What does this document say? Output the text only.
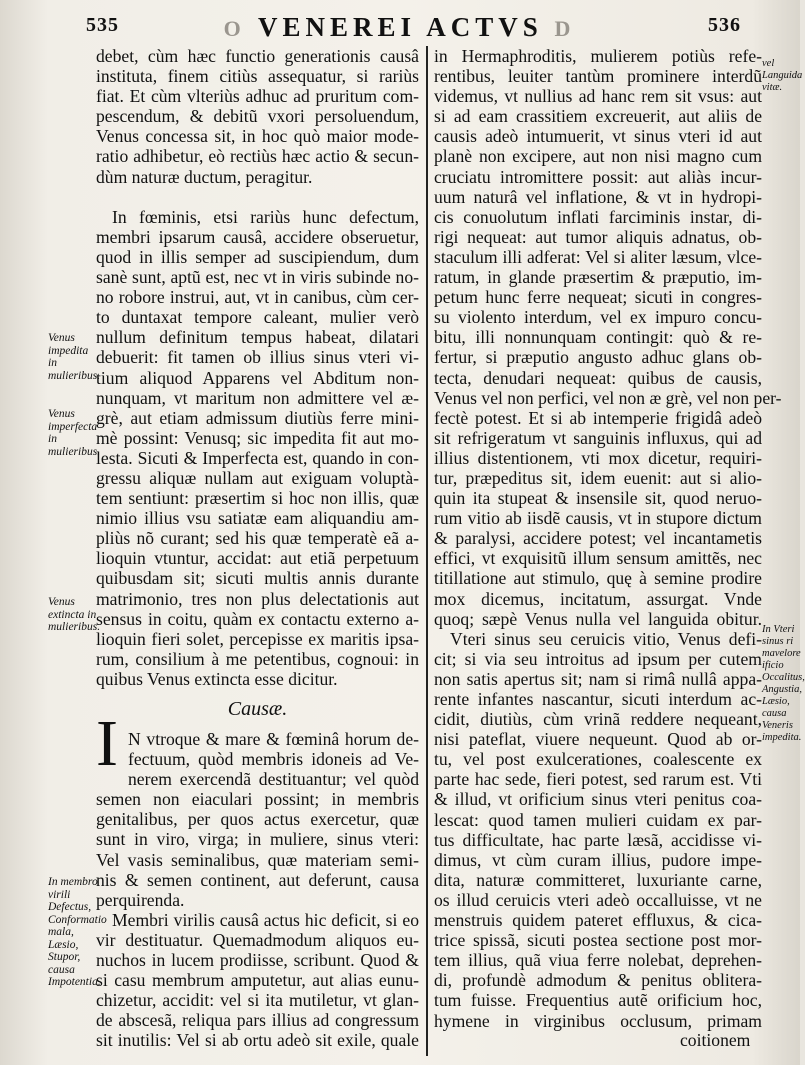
535	O VENEREI ACTVS D	536
debet, cùm hæc functio generationis causâ
instituta, finem citiùs assequatur, si rariùs
fiat. Et cùm vlteriùs adhuc ad pruritum com-
pescendum, & debitũ vxori persoluendum,
Venus concessa sit, in hoc quò maior mode-
ratio adhibetur, eò rectiùs hæc actio & secun-
dùm naturæ ductum, peragitur.
In fœminis, etsi rariùs hunc defectum,
membri ipsarum causâ, accidere obseruetur,
quod in illis semper ad suscipiendum, dum
sanè sunt, aptũ est, nec vt in viris subinde no-
no robore instrui, aut, vt in canibus, cùm cer-
to duntaxat tempore caleant, mulier verò
nullum definitum tempus habeat, dilatari
debuerit: fit tamen ob illius sinus vteri vi-
tium aliquod Apparens vel Abditum non-
nunquam, vt maritum non admittere vel æ-
grè, aut etiam admissum diutiùs ferre mini-
mè possint: Venusq; sic impedita fit aut mo-
lesta. Sicuti & Imperfecta est, quando in con-
gressu aliquæ nullam aut exiguam voluptà-
tem sentiunt: præsertim si hoc non illis, quæ
nimio illius vsu satiatæ eam aliquandiu am-
pliùs nõ curant; sed his quæ temperatè eã a-
lioquin vtuntur, accidat: aut etiã perpetuum
quibusdam sit; sicuti multis annis durante
matrimonio, tres non plus delectationis aut
sensus in coitu, quàm ex contactu externo a-
lioquin fieri solet, percepisse ex maritis ipsa-
rum, consilium à me petentibus, cognoui: in
quibus Venus extincta esse dicitur.
Causæ.
N vtroque & mare & fœminâ horum de-
fectuum, quòd membris idoneis ad Ve-
nerem exercendã destituantur; vel quòd
semen non eiaculari possint; in membris
genitalibus, per quos actus exercetur, quæ
sunt in viro, virga; in muliere, sinus vteri:
Vel vasis seminalibus, quæ materiam semi-
nis & semen continent, aut deferunt, causa
perquirenda.
Membri virilis causâ actus hic deficit, si eo
vir destituatur. Quemadmodum aliquos eu-
nuchos in lucem prodiisse, scribunt. Quod &
si casu membrum amputetur, aut alias eunu-
chizetur, accidit: vel si ita mutiletur, vt glan-
de abscesã, reliqua pars illius ad congressum
sit inutilis: Vel si ab ortu adeò sit exile, quale
I
in Hermaphroditis, mulierem potiùs refe-
rentibus, leuiter tantùm prominere interdũ
videmus, vt nullius ad hanc rem sit vsus: aut
si ad eam crassitiem excreuerit, aut aliis de
causis adeò intumuerit, vt sinus vteri id aut
planè non excipere, aut non nisi magno cum
cruciatu intromittere possit: aut aliàs incur-
uum naturâ vel inflatione, & vt in hydropi-
cis conuolutum inflati farciminis instar, di-
rigi nequeat: aut tumor aliquis adnatus, ob-
staculum illi adferat: Vel si aliter læsum, vlce-
ratum, in glande præsertim & præputio, im-
petum hunc ferre nequeat; sicuti in congres-
su violento interdum, vel ex impuro concu-
bitu, illi nonnunquam contingit: quò & re-
fertur, si præputio angusto adhuc glans ob-
tecta, denudari nequeat: quibus de causis,
Venus vel non perfici, vel non æ grè, vel non per-
fectè potest. Et si ab intemperie frigidâ adeò
sit refrigeratum vt sanguinis influxus, qui ad
illius distentionem, vti mox dicetur, requiri-
tur, præpeditus sit, idem euenit: aut si alio-
quin ita stupeat & insensile sit, quod neruo-
rum vitio ab iisdẽ causis, vt in stupore dictum
& paralysi, accidere potest; vel incantametis
effici, vt exquisitũ illum sensum amittẽs, nec
titillatione aut stimulo, quę à semine prodire
mox dicemus, incitatum, assurgat. Vnde
quoq; sæpè Venus nulla vel languida obitur.
Vteri sinus seu ceruicis vitio, Venus defi-
cit; si via seu introitus ad ipsum per cutem
non satis apertus sit; nam si rimâ nullâ appa-
rente infantes nascantur, sicuti interdum ac-
cidit, diutiùs, cùm vrinã reddere nequeant,
nisi pateflat, viuere nequeunt. Quod ab or-
tu, vel post exulcerationes, coalescente ex
parte hac sede, fieri potest, sed rarum est. Vti
& illud, vt orificium sinus vteri penitus coa-
lescat: quod tamen mulieri cuidam ex par-
tus difficultate, hac parte læsã, accidisse vi-
dimus, vt cùm curam illius, pudore impe-
dita, naturæ committeret, luxuriante carne,
os illud ceruicis vteri adeò occalluisse, vt ne
menstruis quidem pateret effluxus, & cica-
trice spissã, sicuti postea sectione post mor-
tem illius, quã viua ferre nolebat, deprehen-
di, profundè admodum & penitus oblitera-
tum fuisse. Frequentius autẽ orificium hoc,
hymene in virginibus occlusum, primam
coitionem
Venus impedita in mulieribus.
Venus imperfecta in mulieribus.
Venus extincta in mulieribus.
In membro virili Defectus, Conformatio mala, Læsio, Stupor, causa Impotentia.
vel Languida vitæ.
In Vteri sinus ri mavelore ificio Occalitus, Angustia, Læsio, causa Veneris impedita.
